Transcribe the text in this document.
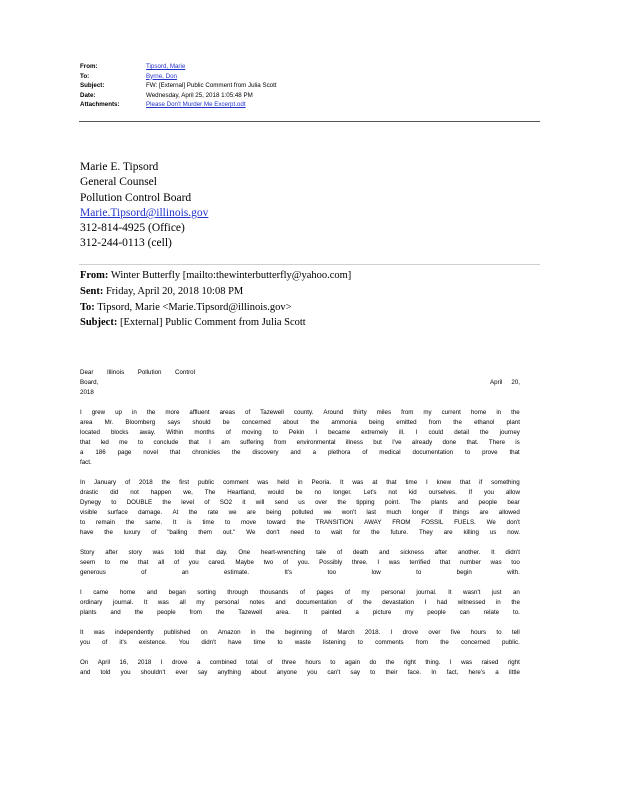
From:	Tipsord, Marie
To:	Byrne, Don
Subject:	FW: [External] Public Comment from Julia Scott
Date:	Wednesday, April 25, 2018 1:05:48 PM
Attachments:	Please Don't Murder Me Excerpt.odt
Marie E. Tipsord
General Counsel
Pollution Control Board
Marie.Tipsord@illinois.gov
312-814-4925 (Office)
312-244-0113 (cell)
From: Winter Butterfly [mailto:thewinterbutterfly@yahoo.com]
Sent: Friday, April 20, 2018 10:08 PM
To: Tipsord, Marie <Marie.Tipsord@illinois.gov>
Subject: [External] Public Comment from Julia Scott
Dear Illinois Pollution Control
Board,	April 20,
2018
I grew up in the more affluent areas of Tazewell county. Around thirty miles from my current home in the
area Mr. Bloomberg says should be concerned about the ammonia being emitted from the ethanol plant
located blocks away. Within months of moving to Pekin I became extremely ill. I could detail the journey
that led me to conclude that I am suffering from environmental illness but I've already done that. There is
a 186 page novel that chronicles the discovery and a plethora of medical documentation to prove that
fact.
In January of 2018 the first public comment was held in Peoria. It was at that time I knew that if something
drastic did not happen we, The Heartland, would be no longer. Let's not kid ourselves. If you allow
Dynegy to DOUBLE the level of SO2 it will send us over the tipping point. The plants and people bear
visible surface damage. At the rate we are being polluted we won't last much longer if things are allowed
to remain the same. It is time to move toward the TRANSITION AWAY FROM FOSSIL FUELS. We don't
have the luxury of "bailing them out." We don't need to wait for the future. They are killing us now.
Story after story was told that day. One heart-wrenching tale of death and sickness after another. It didn't
seem to me that all of you cared. Maybe two of you. Possibly three. I was terrified that number was too
generous	of	an	estimate.	It's	too	low	to	begin	with.
I came home and began sorting through thousands of pages of my personal journal. It wasn't just an
ordinary journal. It was all my personal notes and documentation of the devastation I had witnessed in the
plants and the people from the Tazewell area. It painted a picture my people can relate to.
It was independently published on Amazon in the beginning of March 2018. I drove over five hours to tell
you of it's existence. You didn't have time to waste listening to comments from the concerned public.
On April 16, 2018 I drove a combined total of three hours to again do the right thing. I was raised right
and told you shouldn't ever say anything about anyone you can't say to their face. In fact, here's a little
